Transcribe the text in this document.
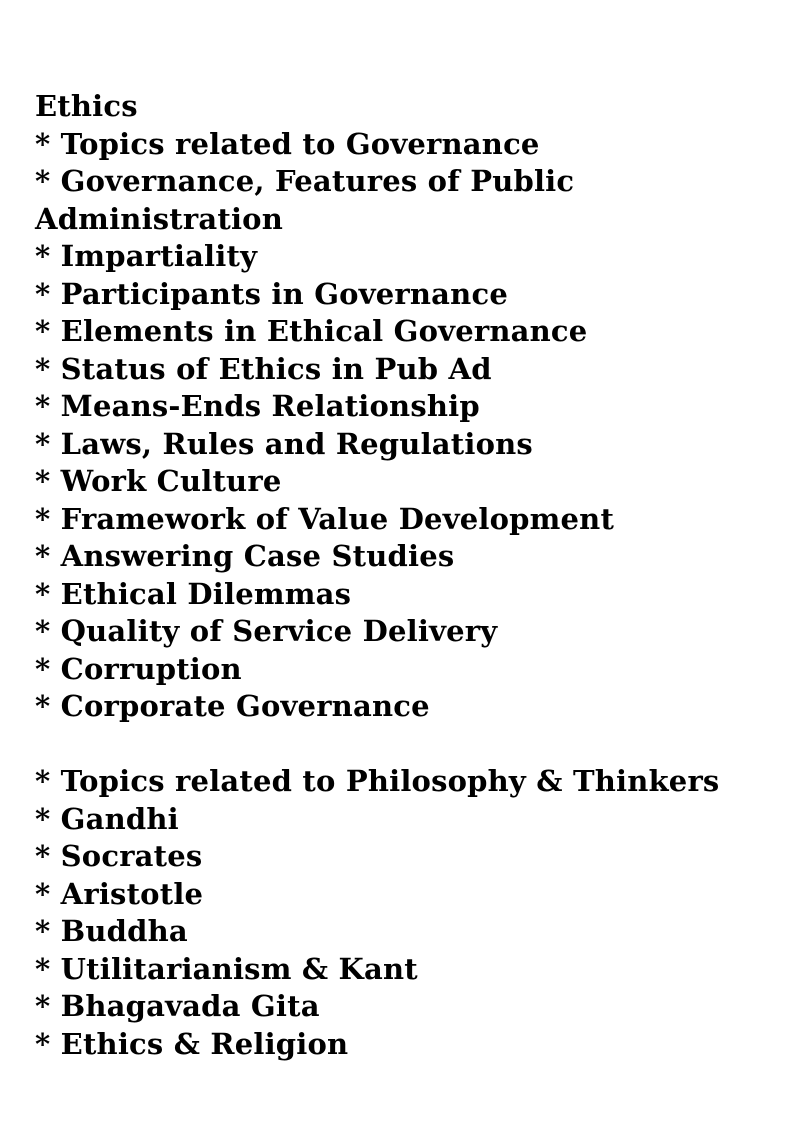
Ethics
* Topics related to Governance
* Governance, Features of Public
Administration
* Impartiality
* Participants in Governance
* Elements in Ethical Governance
* Status of Ethics in Pub Ad
* Means-Ends Relationship
* Laws, Rules and Regulations
* Work Culture
* Framework of Value Development
* Answering Case Studies
* Ethical Dilemmas
* Quality of Service Delivery
* Corruption
* Corporate Governance
* Topics related to Philosophy & Thinkers
* Gandhi
* Socrates
* Aristotle
* Buddha
* Utilitarianism & Kant
* Bhagavada Gita
* Ethics & Religion
